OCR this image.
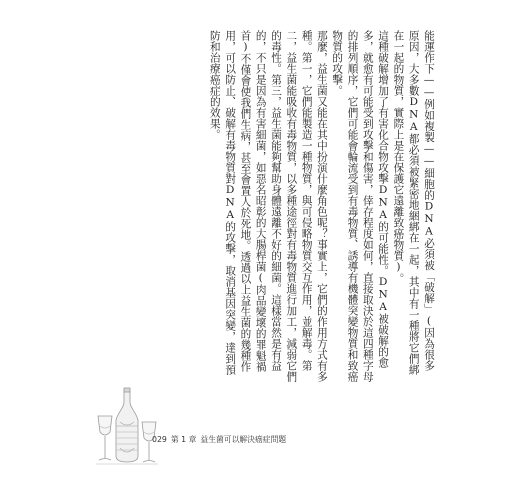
能運作下——例如複製——細胞的DNA必須被「破解」(因為很多原因，大多數DNA都必須被緊密地綑綁在一起，其中有一種將它們綁在一起的物質，實際上是在保護它遠離致癌物質)。

這種破解增加了有害化合物攻擊DNA的可能性。DNA被破解的愈多，就愈有可能受到攻擊和傷害，倖存程度如何，直接取決於這四種字母的排列順序，它們可能會輪流受到有毒物質、誘導有機體突變物質和致癌物質的攻擊。

那麼，益生菌又能在其中扮演什麼角色呢？事實上，它們的作用方式有多種。第一，它們能製造一種物質，與可侵略物質交互作用，並解毒。第二，益生菌能吸收有毒物質，以多種途徑對有毒物質進行加工，減弱它們的毒性。第三，益生菌能夠幫助身體遠離不好的細菌。這樣當然是有益的，不只是因為有害細菌，如惡名昭彰的大腸桿菌(肉品變壞的罪魁禍首)不僅會使我們生病，甚至會置人於死地。透過以上益生菌的幾種作用，可以防止、破解有毒物質對DNA的攻擊，取消基因突變，達到預防和治療癌症的效果。

029 第 1 章 益生菌可以解決癌症問題
